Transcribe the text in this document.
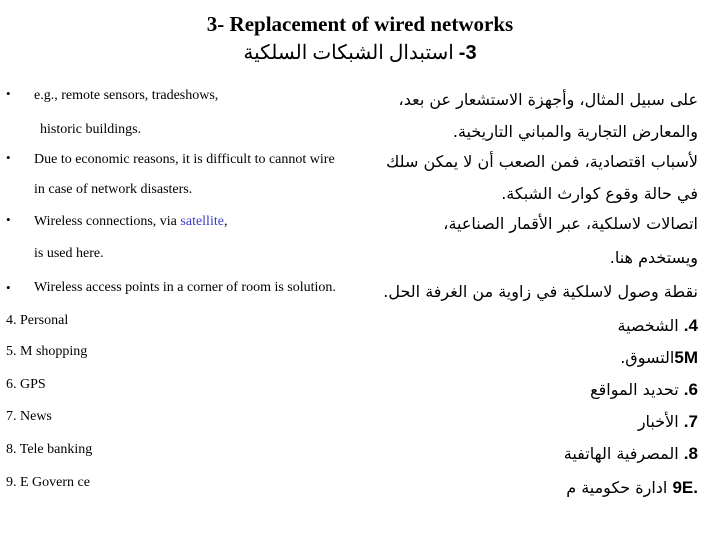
3- Replacement of wired networks
3- استبدال الشبكات السلكية
• e.g., remote sensors, tradeshows,
historic buildings.
على سبيل المثال، وأجهزة الاستشعار عن بعد،
والمعارض التجارية والمباني التاريخية.
• Due to economic reasons, it is difficult to cannot wire
in case of network disasters.
لأسباب اقتصادية، فمن الصعب أن لا يمكن سلك
في حالة وقوع كوارث الشبكة.
• Wireless connections, via satellite,
is used here.
اتصالات لاسلكية، عبر الأقمار الصناعية،
ويستخدم هنا.
• Wireless access points in a corner of room is solution.	نقطة وصول لاسلكية في زاوية من الغرفة الحل.
4. Personal	4. الشخصية
5. M shopping	5Mالتسوق.
6. GPS	6. تحديد المواقع
7. News	7. الأخبار
8. Tele banking	8. المصرفية الهاتفية
9. E Govern ce	.9E ادارة حكومية م
